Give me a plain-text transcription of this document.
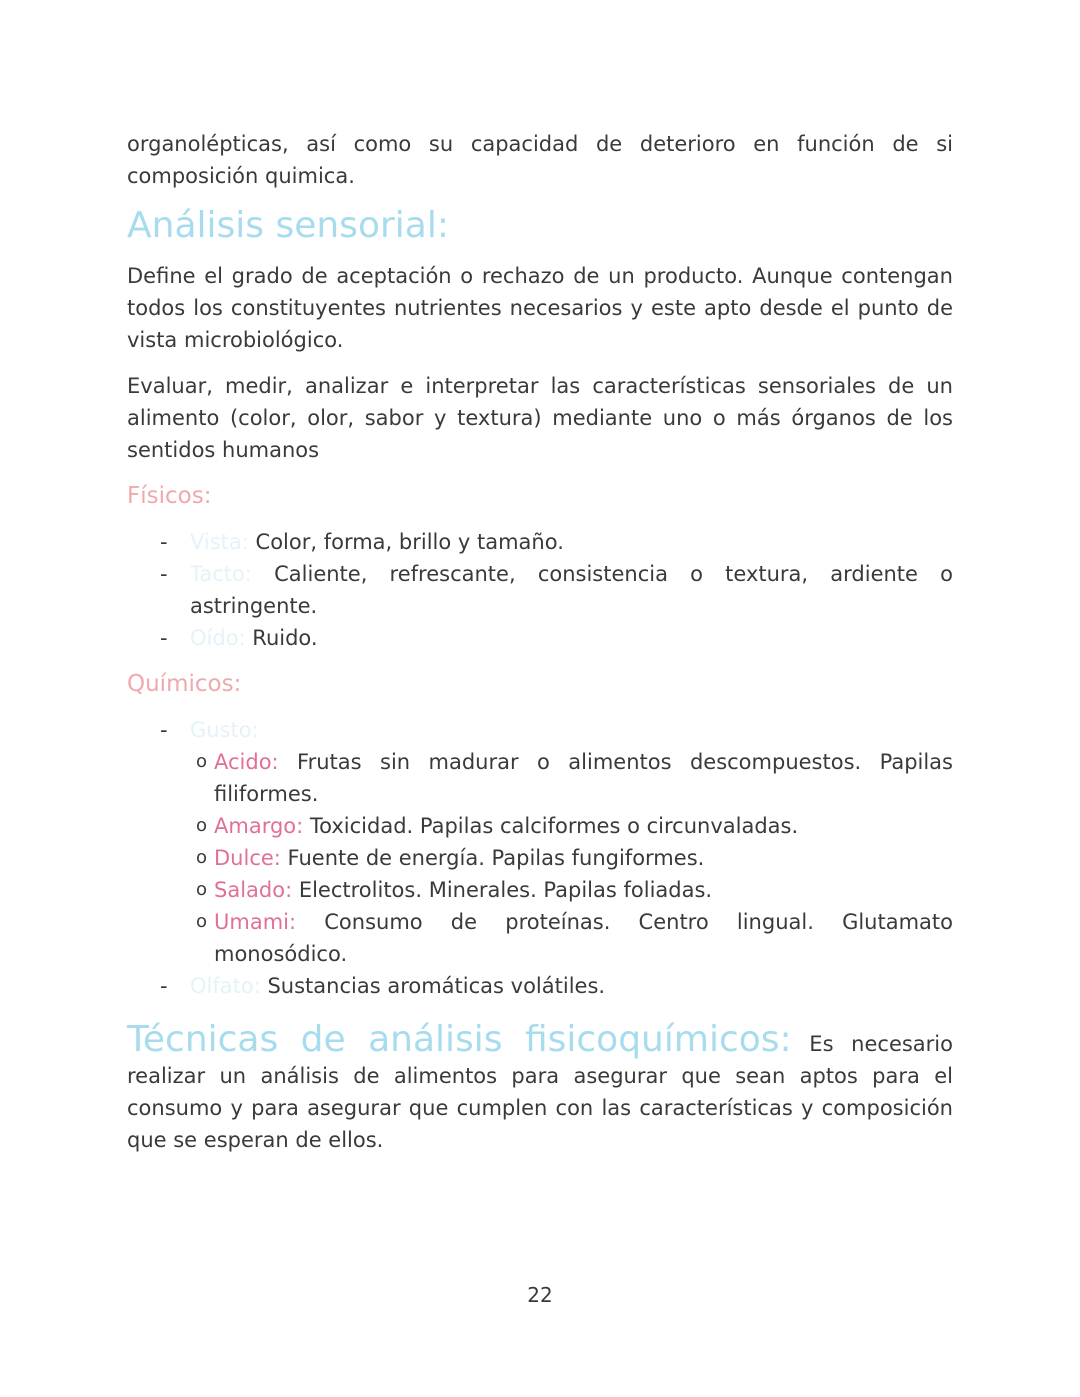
organolépticas, así como su capacidad de deterioro en función de si composición quimica.

Análisis sensorial:

Define el grado de aceptación o rechazo de un producto. Aunque contengan todos los constituyentes nutrientes necesarios y este apto desde el punto de vista microbiológico.

Evaluar, medir, analizar e interpretar las características sensoriales de un alimento (color, olor, sabor y textura) mediante uno o más órganos de los sentidos humanos

Físicos:
- Vista: Color, forma, brillo y tamaño.
- Tacto: Caliente, refrescante, consistencia o textura, ardiente o astringente.
- Oído: Ruido.
Químicos:
- Gusto:
o Acido: Frutas sin madurar o alimentos descompuestos. Papilas filiformes.
o Amargo: Toxicidad. Papilas calciformes o circunvaladas.
o Dulce: Fuente de energía. Papilas fungiformes.
o Salado: Electrolitos. Minerales. Papilas foliadas.
o Umami: Consumo de proteínas. Centro lingual. Glutamato monosódico.
- Olfato: Sustancias aromáticas volátiles.

Técnicas de análisis fisicoquímicos: Es necesario realizar un análisis de alimentos para asegurar que sean aptos para el consumo y para asegurar que cumplen con las características y composición que se esperan de ellos.

22
